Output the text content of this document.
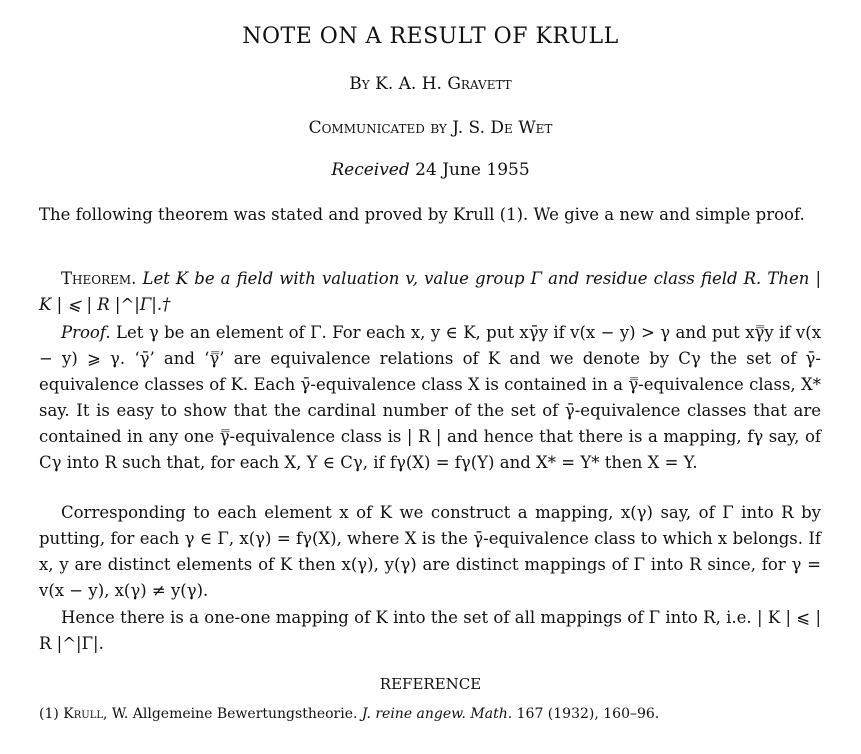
NOTE ON A RESULT OF KRULL
By K. A. H. Gravett
Communicated by J. S. De Wet
Received 24 June 1955

The following theorem was stated and proved by Krull (1). We give a new and simple proof.

Theorem. Let K be a field with valuation v, value group Γ and residue class field R. Then | K | ⩽ | R |^|Γ|.†

Proof. Let γ be an element of Γ. For each x, y ∈ K, put xγ̄y if v(x − y) > γ and put xγ̿y if v(x − y) ⩾ γ. ‘γ̄’ and ‘γ̿’ are equivalence relations of K and we denote by Cγ the set of γ̄-equivalence classes of K. Each γ̄-equivalence class X is contained in a γ̿-equivalence class, X* say. It is easy to show that the cardinal number of the set of γ̄-equivalence classes that are contained in any one γ̿-equivalence class is | R | and hence that there is a mapping, fγ say, of Cγ into R such that, for each X, Y ∈ Cγ, if fγ(X) = fγ(Y) and X* = Y* then X = Y.

Corresponding to each element x of K we construct a mapping, x(γ) say, of Γ into R by putting, for each γ ∈ Γ, x(γ) = fγ(X), where X is the γ̄-equivalence class to which x belongs. If x, y are distinct elements of K then x(γ), y(γ) are distinct mappings of Γ into R since, for γ = v(x − y), x(γ) ≠ y(γ).

Hence there is a one-one mapping of K into the set of all mappings of Γ into R, i.e. | K | ⩽ | R |^|Γ|.

REFERENCE
(1) Krull, W. Allgemeine Bewertungstheorie. J. reine angew. Math. 167 (1932), 160–96.
